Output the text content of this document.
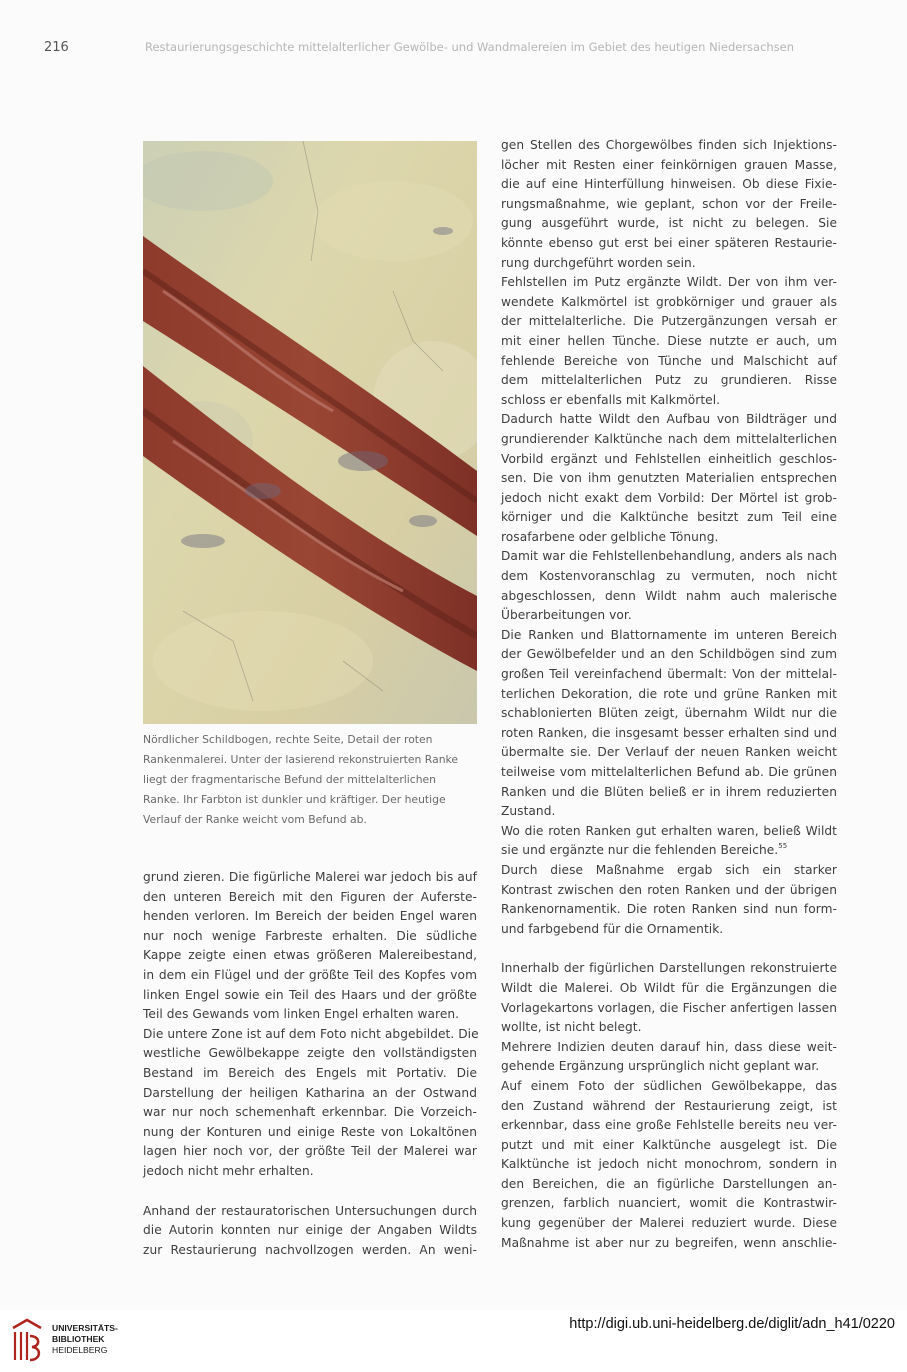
216	Restaurierungsgeschichte mittelalterlicher Gewölbe- und Wandmalereien im Gebiet des heutigen Niedersachsen

Nördlicher Schildbogen, rechte Seite, Detail der roten

Rankenmalerei. Unter der lasierend rekonstruierten Ranke

liegt der fragmentarische Befund der mittelalterlichen

Ranke. Ihr Farbton ist dunkler und kräftiger. Der heutige

Verlauf der Ranke weicht vom Befund ab.

grund zieren. Die figürliche Malerei war jedoch bis auf
den unteren Bereich mit den Figuren der Auferste-
henden verloren. Im Bereich der beiden Engel waren
nur noch wenige Farbreste erhalten. Die südliche
Kappe zeigte einen etwas größeren Malereibestand,
in dem ein Flügel und der größte Teil des Kopfes vom
linken Engel sowie ein Teil des Haars und der größte
Teil des Gewands vom linken Engel erhalten waren.
Die untere Zone ist auf dem Foto nicht abgebildet. Die
westliche Gewölbekappe zeigte den vollständigsten
Bestand im Bereich des Engels mit Portativ. Die
Darstellung der heiligen Katharina an der Ostwand
war nur noch schemenhaft erkennbar. Die Vorzeich-
nung der Konturen und einige Reste von Lokaltönen
lagen hier noch vor, der größte Teil der Malerei war
jedoch nicht mehr erhalten.
Anhand der restauratorischen Untersuchungen durch
die Autorin konnten nur einige der Angaben Wildts
zur Restaurierung nachvollzogen werden. An weni-
gen Stellen des Chorgewölbes finden sich Injektions-
löcher mit Resten einer feinkörnigen grauen Masse,
die auf eine Hinterfüllung hinweisen. Ob diese Fixie-
rungsmaßnahme, wie geplant, schon vor der Freile-
gung ausgeführt wurde, ist nicht zu belegen. Sie
könnte ebenso gut erst bei einer späteren Restaurie-
rung durchgeführt worden sein.
Fehlstellen im Putz ergänzte Wildt. Der von ihm ver-
wendete Kalkmörtel ist grobkörniger und grauer als
der mittelalterliche. Die Putzergänzungen versah er
mit einer hellen Tünche. Diese nutzte er auch, um
fehlende Bereiche von Tünche und Malschicht auf
dem mittelalterlichen Putz zu grundieren. Risse
schloss er ebenfalls mit Kalkmörtel.
Dadurch hatte Wildt den Aufbau von Bildträger und
grundierender Kalktünche nach dem mittelalterlichen
Vorbild ergänzt und Fehlstellen einheitlich geschlos-
sen. Die von ihm genutzten Materialien entsprechen
jedoch nicht exakt dem Vorbild: Der Mörtel ist grob-
körniger und die Kalktünche besitzt zum Teil eine
rosafarbene oder gelbliche Tönung.
Damit war die Fehlstellenbehandlung, anders als nach
dem Kostenvoranschlag zu vermuten, noch nicht
abgeschlossen, denn Wildt nahm auch malerische
Überarbeitungen vor.
Die Ranken und Blattornamente im unteren Bereich
der Gewölbefelder und an den Schildbögen sind zum
großen Teil vereinfachend übermalt: Von der mittelal-
terlichen Dekoration, die rote und grüne Ranken mit
schablonierten Blüten zeigt, übernahm Wildt nur die
roten Ranken, die insgesamt besser erhalten sind und
übermalte sie. Der Verlauf der neuen Ranken weicht
teilweise vom mittelalterlichen Befund ab. Die grünen
Ranken und die Blüten beließ er in ihrem reduzierten
Zustand.
Wo die roten Ranken gut erhalten waren, beließ Wildt
sie und ergänzte nur die fehlenden Bereiche.$^{55}$
Durch diese Maßnahme ergab sich ein starker
Kontrast zwischen den roten Ranken und der übrigen
Rankenornamentik. Die roten Ranken sind nun form-
und farbgebend für die Ornamentik.
Innerhalb der figürlichen Darstellungen rekonstruierte
Wildt die Malerei. Ob Wildt für die Ergänzungen die
Vorlagekartons vorlagen, die Fischer anfertigen lassen
wollte, ist nicht belegt.
Mehrere Indizien deuten darauf hin, dass diese weit-
gehende Ergänzung ursprünglich nicht geplant war.
Auf einem Foto der südlichen Gewölbekappe, das
den Zustand während der Restaurierung zeigt, ist
erkennbar, dass eine große Fehlstelle bereits neu ver-
putzt und mit einer Kalktünche ausgelegt ist. Die
Kalktünche ist jedoch nicht monochrom, sondern in
den Bereichen, die an figürliche Darstellungen an-
grenzen, farblich nuanciert, womit die Kontrastwir-
kung gegenüber der Malerei reduziert wurde. Diese
Maßnahme ist aber nur zu begreifen, wenn anschlie-
UNIVERSITÄTS-
BIBLIOTHEK
HEIDELBERG
http://digi.ub.uni-heidelberg.de/diglit/adn_h41/0220
